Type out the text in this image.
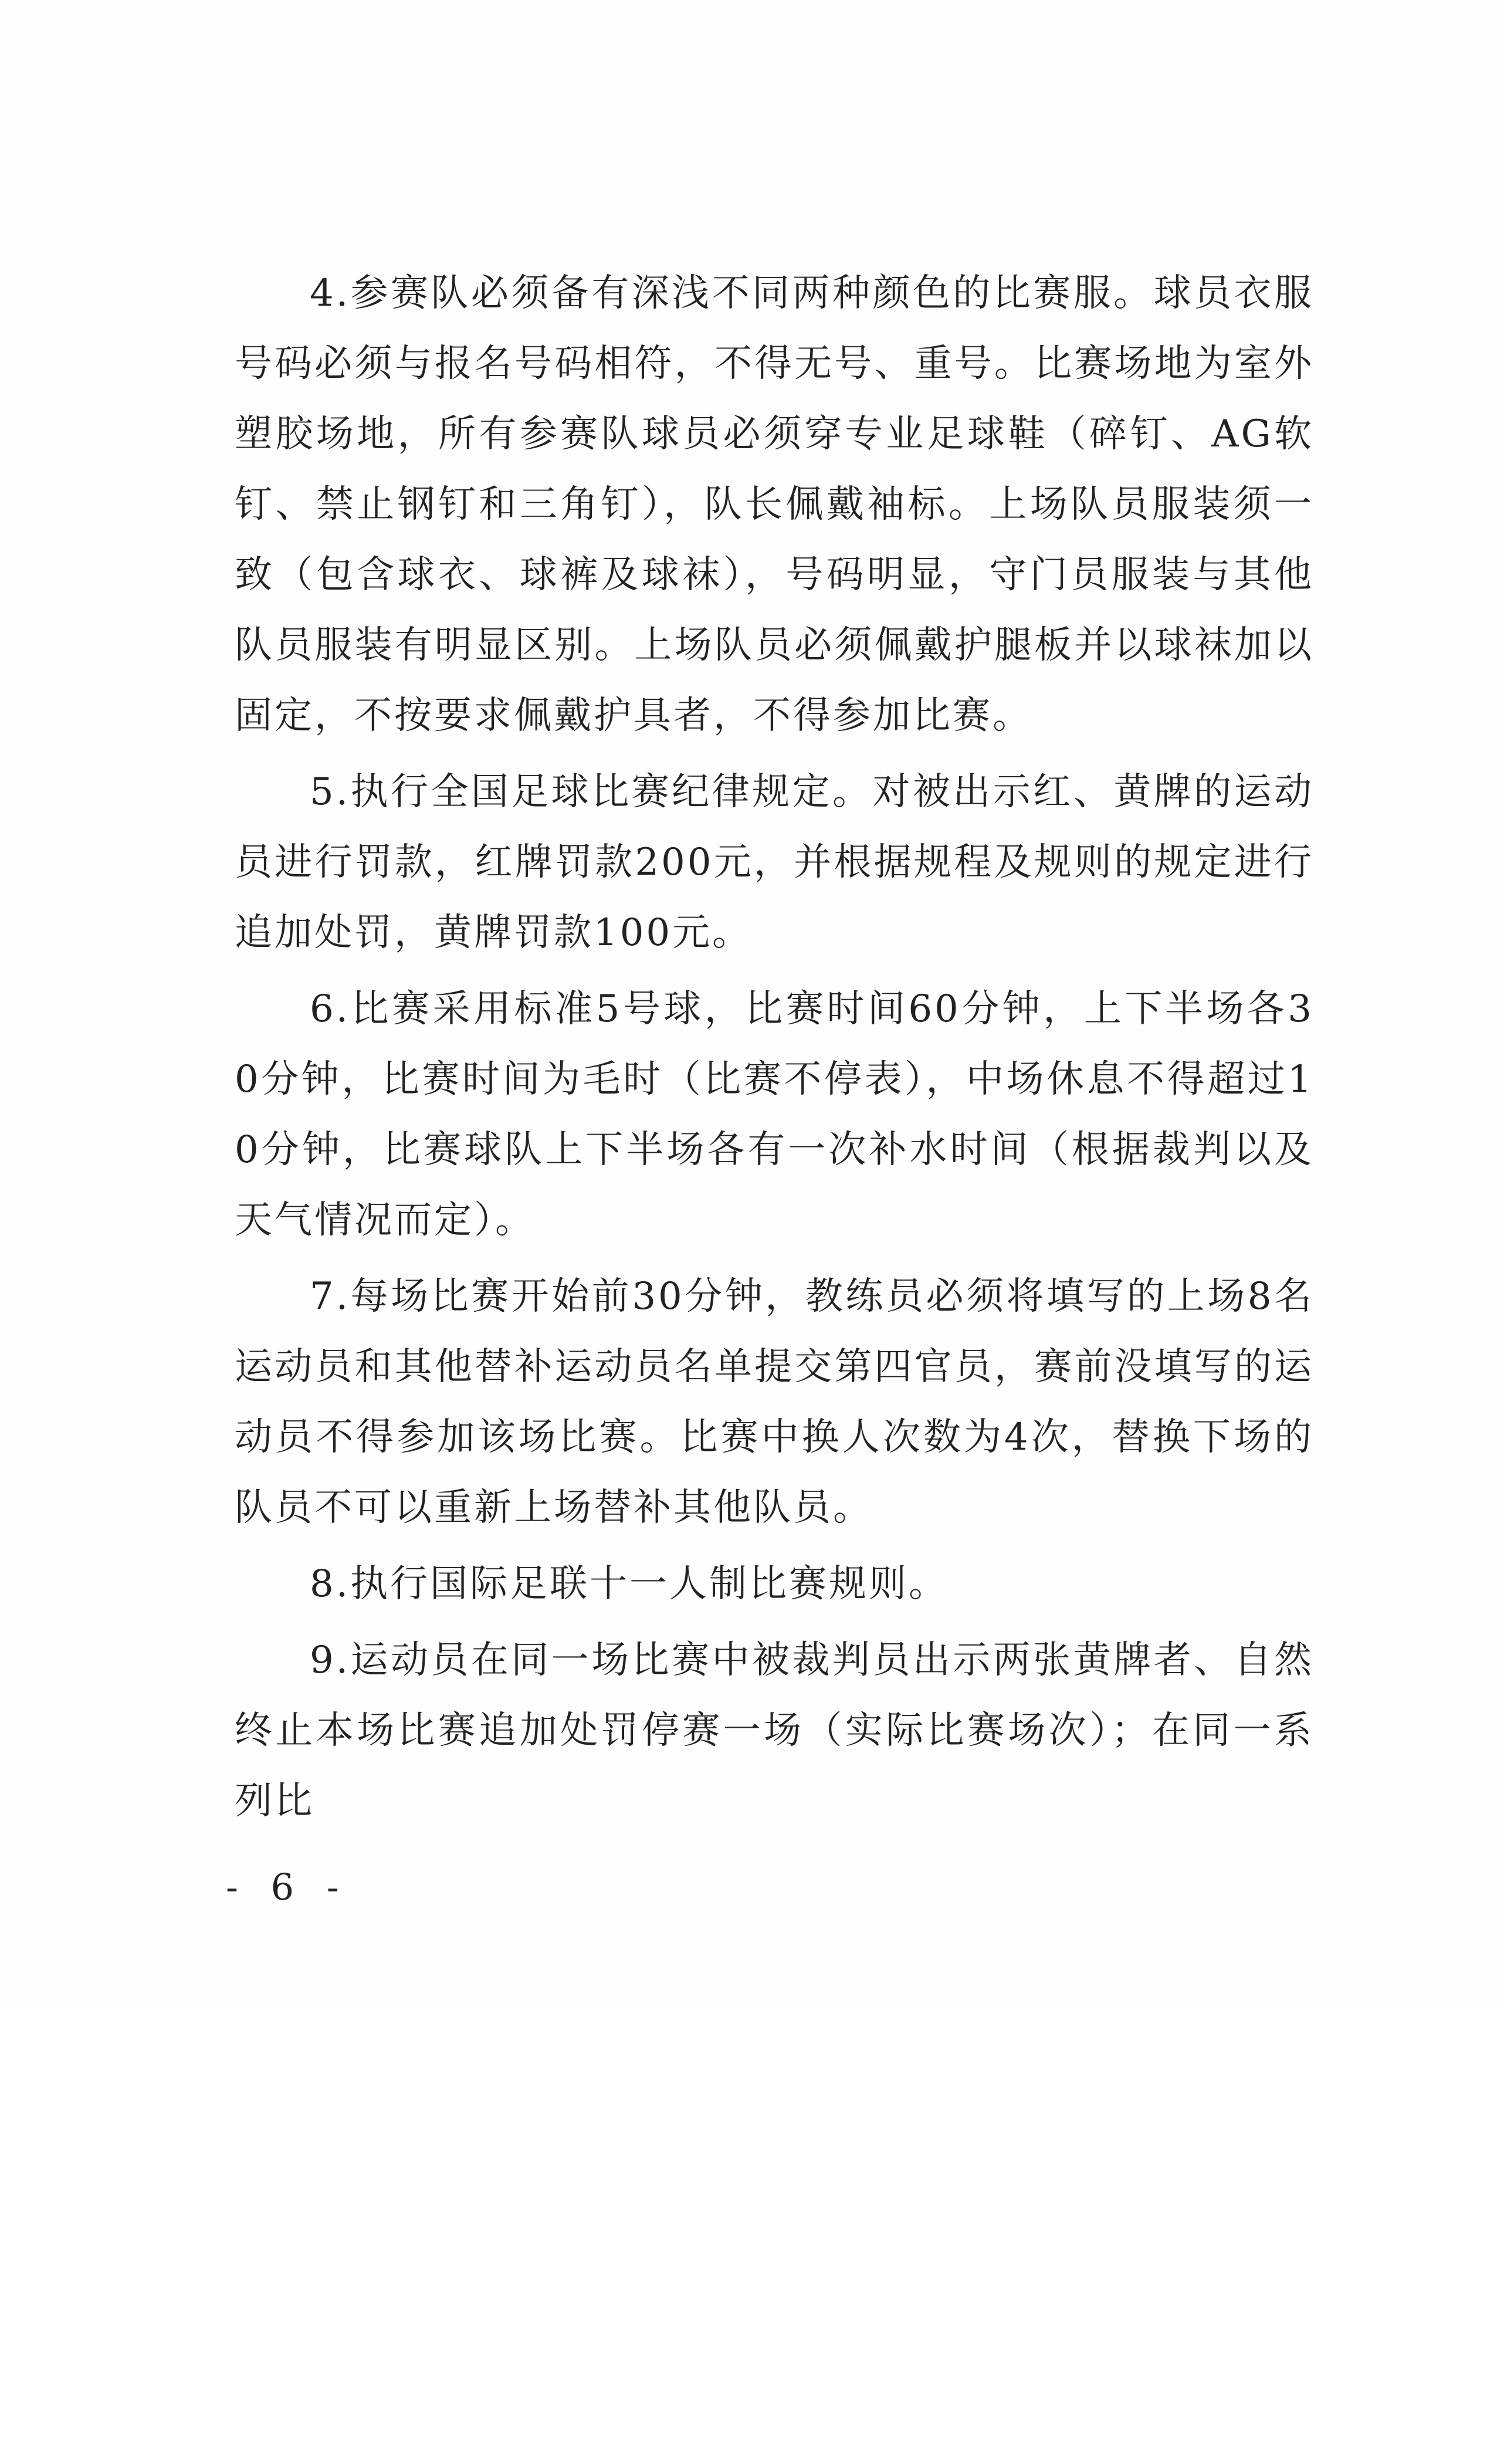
4.参赛队必须备有深浅不同两种颜色的比赛服。球员衣服号码必须与报名号码相符，不得无号、重号。比赛场地为室外塑胶场地，所有参赛队球员必须穿专业足球鞋（碎钉、AG软钉、禁止钢钉和三角钉），队长佩戴袖标。上场队员服装须一致（包含球衣、球裤及球袜），号码明显，守门员服装与其他队员服装有明显区别。上场队员必须佩戴护腿板并以球袜加以固定，不按要求佩戴护具者，不得参加比赛。

5.执行全国足球比赛纪律规定。对被出示红、黄牌的运动员进行罚款，红牌罚款200元，并根据规程及规则的规定进行追加处罚，黄牌罚款100元。

6.比赛采用标准5号球，比赛时间60分钟，上下半场各30分钟，比赛时间为毛时（比赛不停表），中场休息不得超过10分钟，比赛球队上下半场各有一次补水时间（根据裁判以及天气情况而定）。

7.每场比赛开始前30分钟，教练员必须将填写的上场8名运动员和其他替补运动员名单提交第四官员，赛前没填写的运动员不得参加该场比赛。比赛中换人次数为4次，替换下场的队员不可以重新上场替补其他队员。

8.执行国际足联十一人制比赛规则。

9.运动员在同一场比赛中被裁判员出示两张黄牌者、自然终止本场比赛追加处罚停赛一场（实际比赛场次）；在同一系列比

- 6 -
